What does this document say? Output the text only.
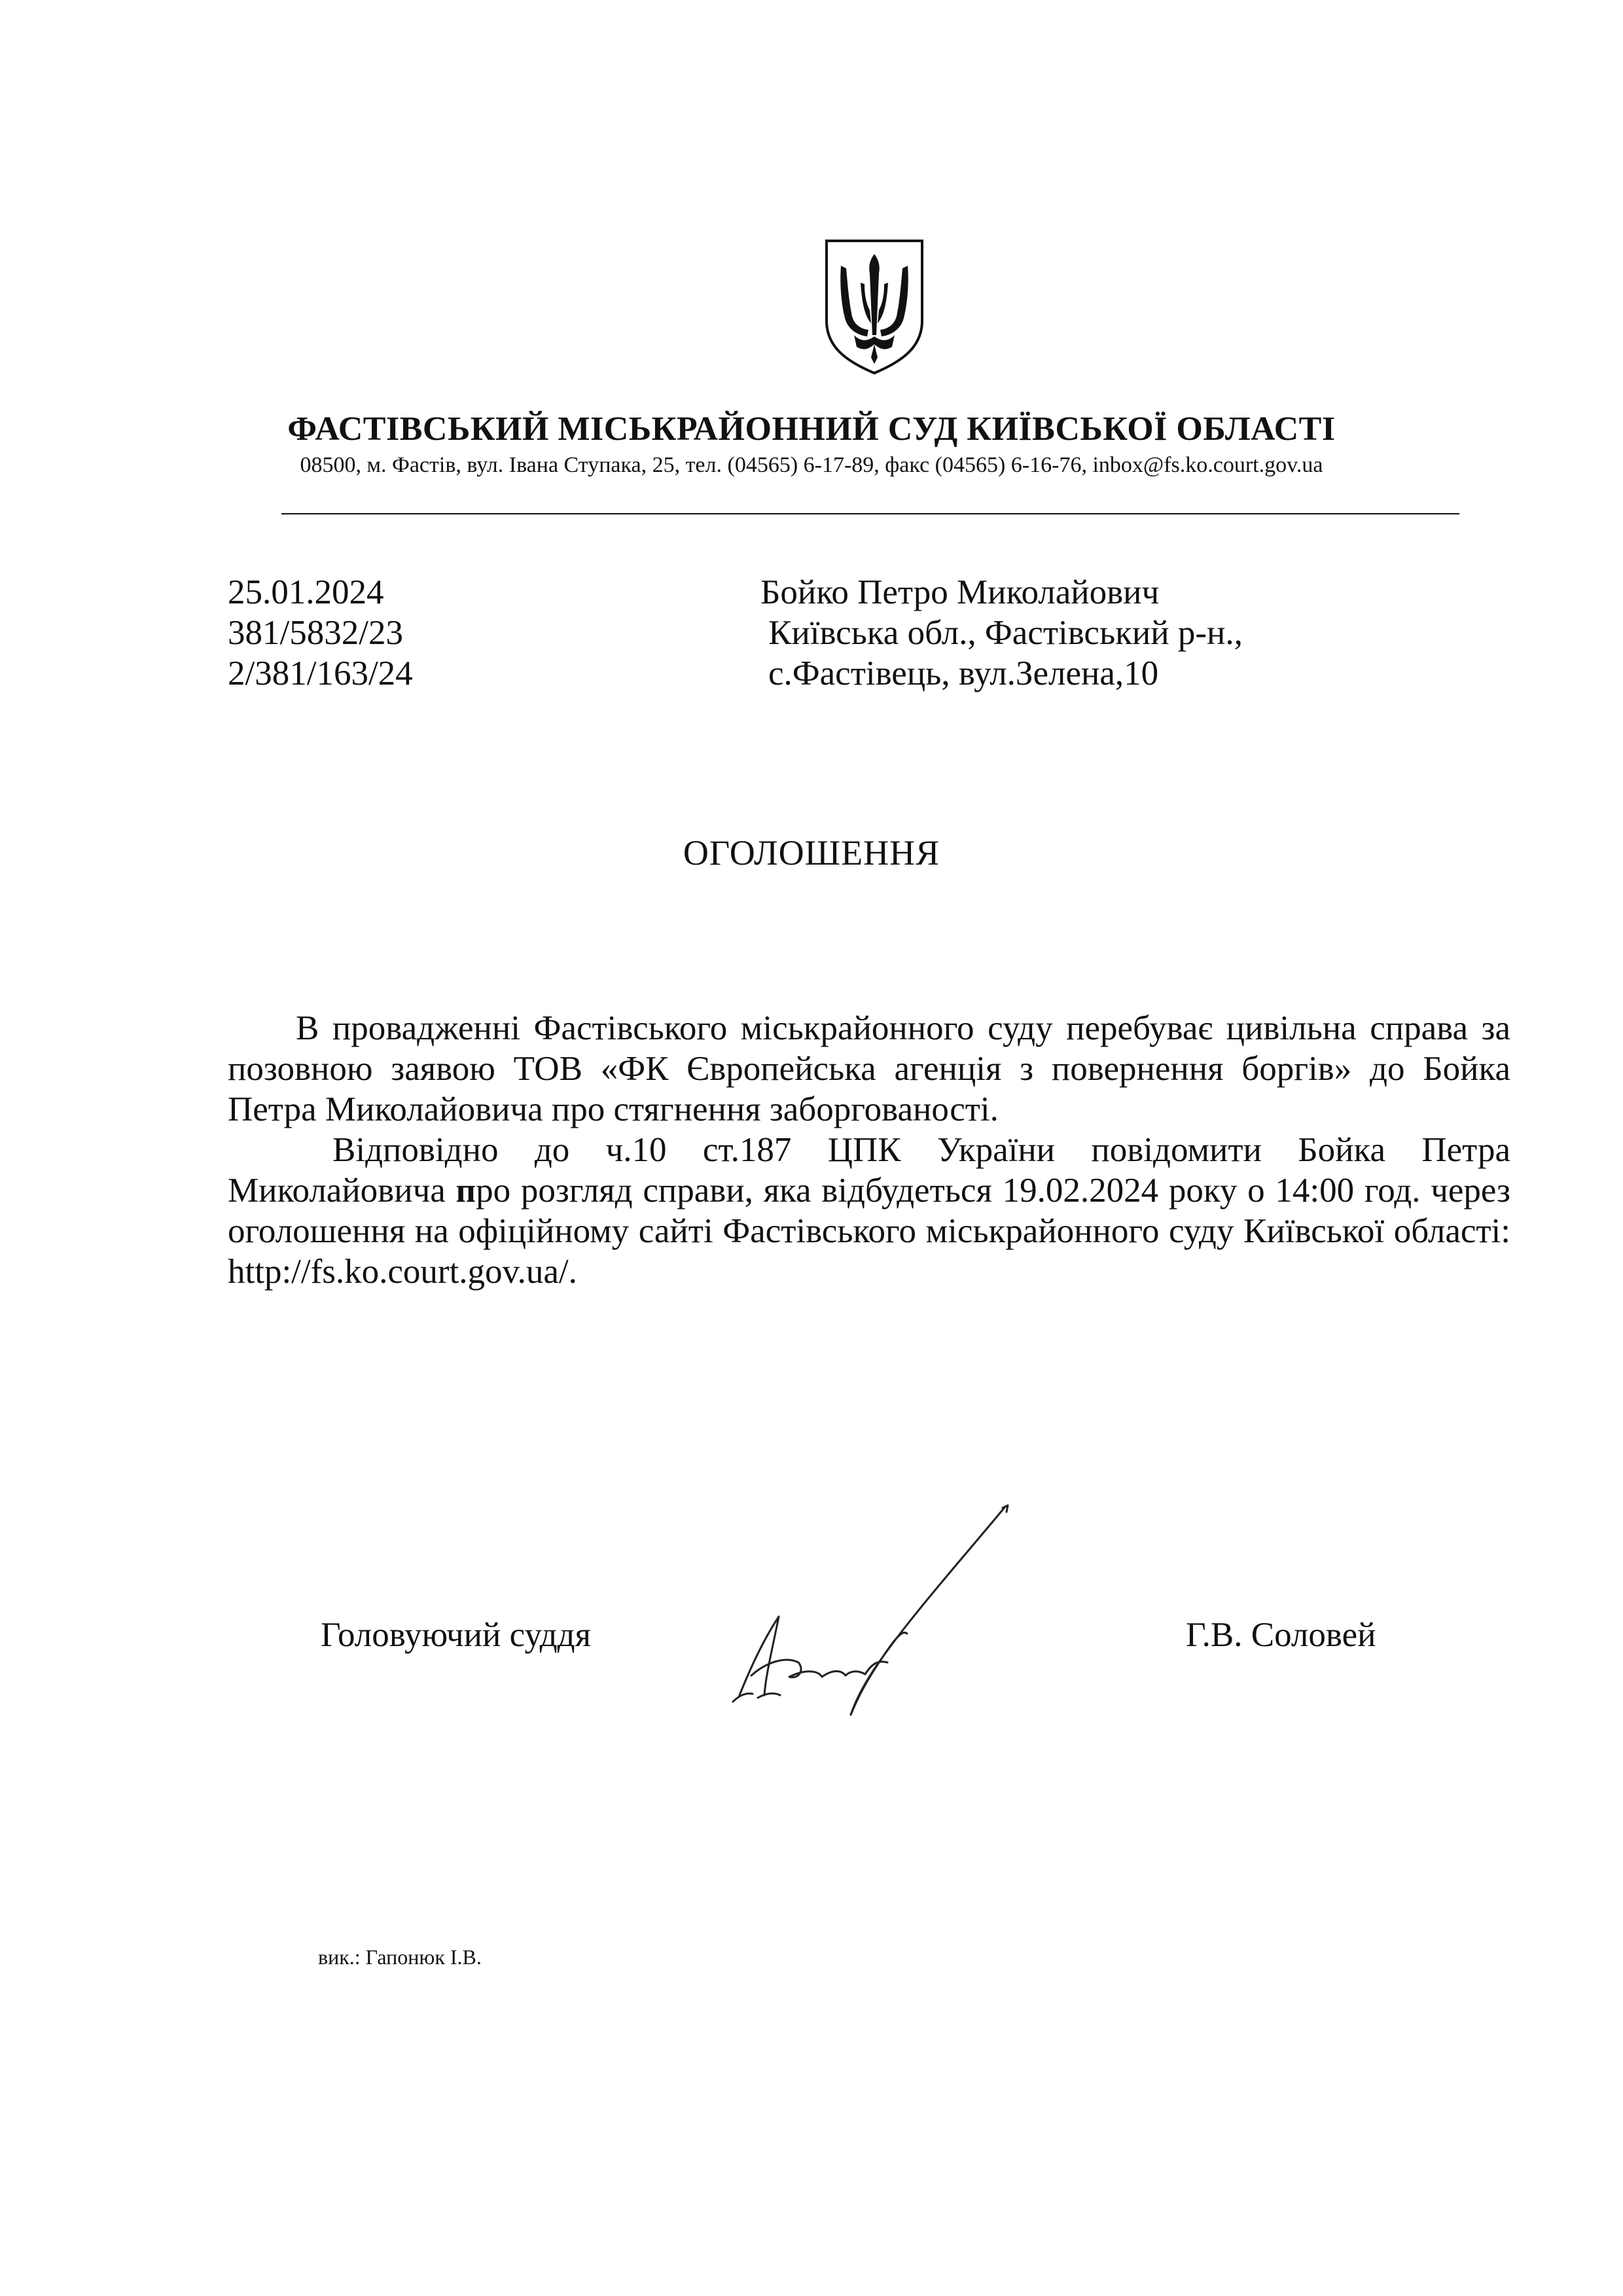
ФАСТІВСЬКИЙ МІСЬКРАЙОННИЙ СУД КИЇВСЬКОЇ ОБЛАСТІ
08500, м. Фастів, вул. Івана Ступака, 25, тел. (04565) 6-17-89, факс (04565) 6-16-76, inbox@fs.ko.court.gov.ua
25.01.2024
381/5832/23
2/381/163/24
Бойко Петро Миколайович
Київська обл., Фастівський р-н.,
с.Фастівець, вул.Зелена,10
ОГОЛОШЕННЯ
В провадженні Фастівського міськрайонного суду перебуває цивільна справа за позовною заявою ТОВ «ФК Європейська агенція з повернення боргів» до Бойка Петра Миколайовича про стягнення заборгованості.
Відповідно до ч.10 ст.187 ЦПК України повідомити Бойка Петра Миколайовича про розгляд справи, яка відбудеться 19.02.2024 року о 14:00 год. через оголошення на офіційному сайті Фастівського міськрайонного суду Київської області: http://fs.ko.court.gov.ua/.
Головуючий суддя	Г.В. Соловей
вик.: Гапонюк І.В.
